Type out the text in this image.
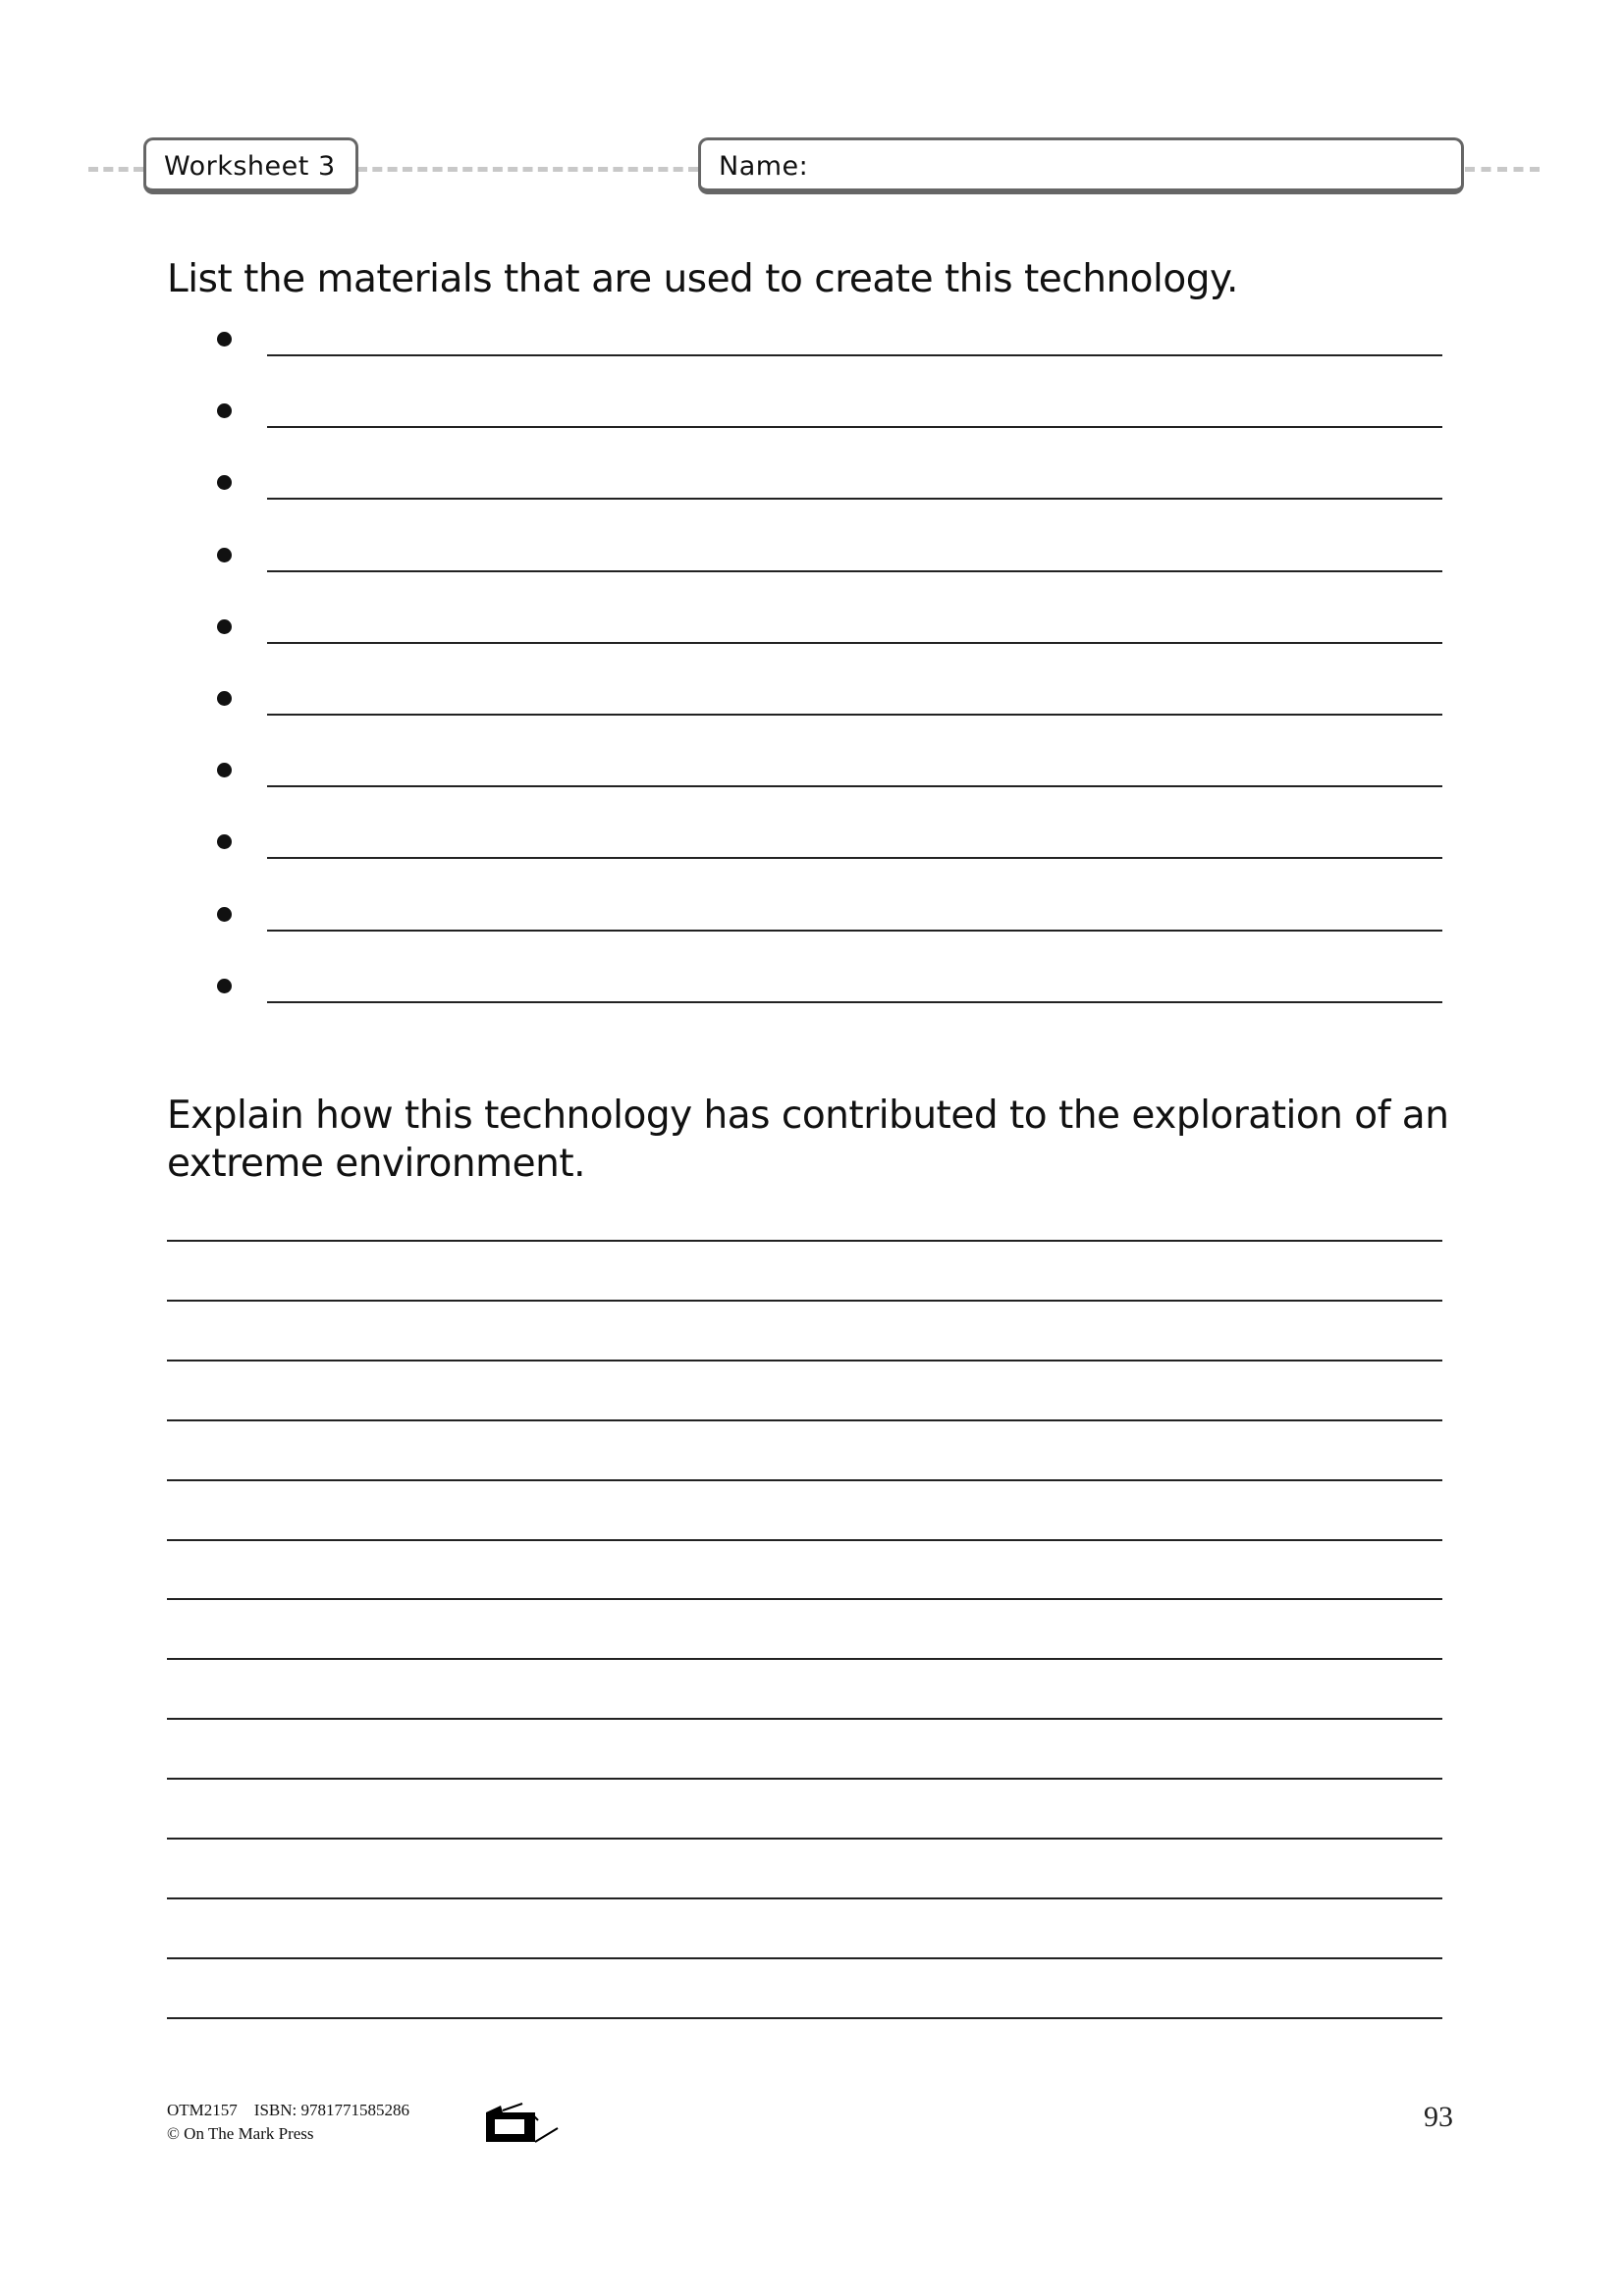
Worksheet 3	Name:
List the materials that are used to create this technology.
Explain how this technology has contributed to the exploration of an
extreme environment.
OTM2157    ISBN: 9781771585286
© On The Mark Press
93
